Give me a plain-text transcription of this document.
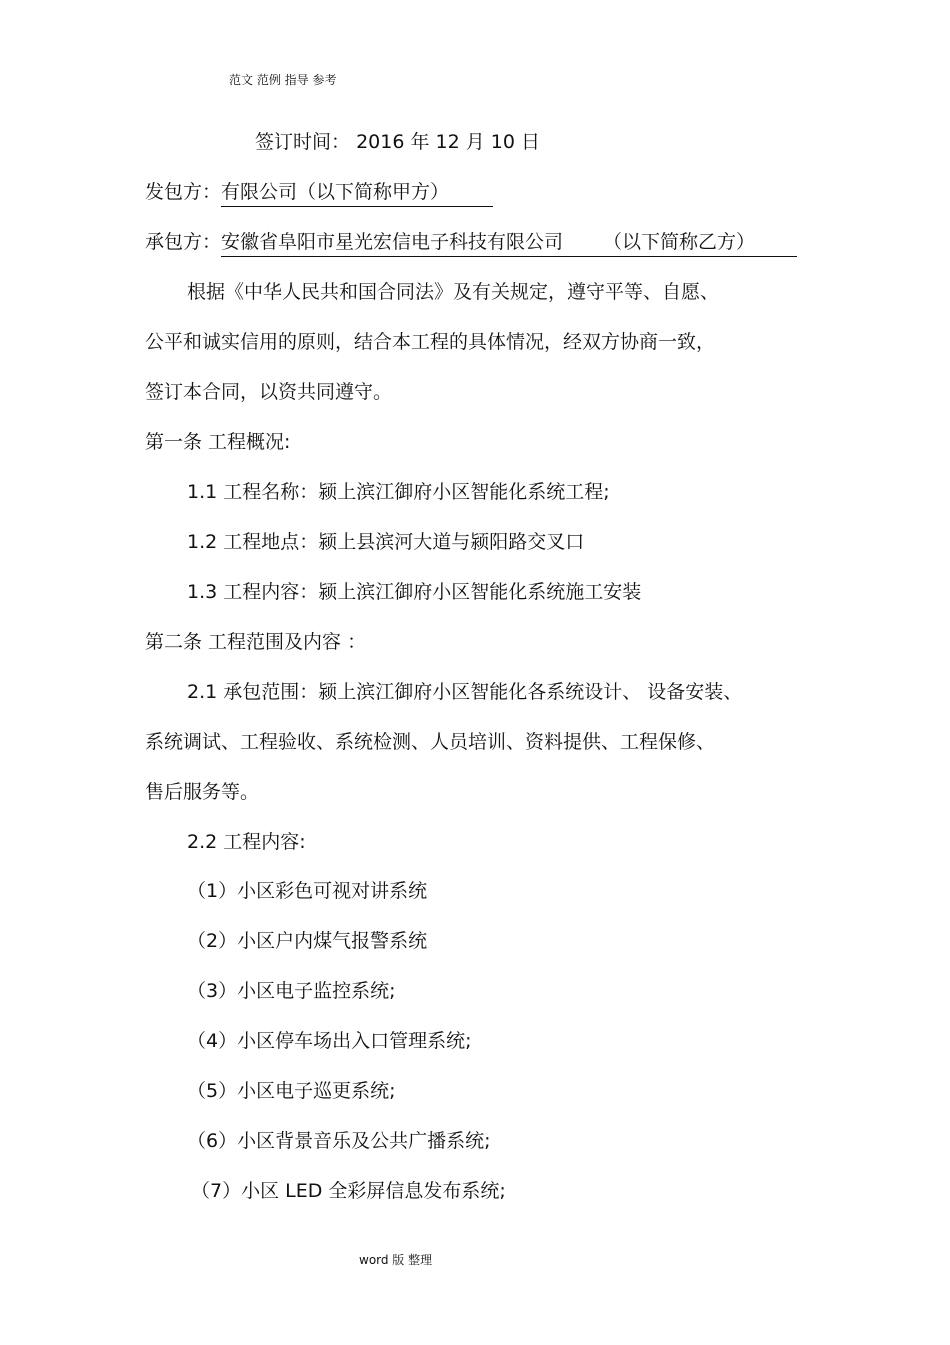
范文 范例 指导 参考
签订时间： 2016 年 12 月 10 日
发包方：有限公司（以下简称甲方）
承包方：安徽省阜阳市星光宏信电子科技有限公司 （以下简称乙方）
根据《中华人民共和国合同法》及有关规定，遵守平等、自愿、
公平和诚实信用的原则，结合本工程的具体情况，经双方协商一致，
签订本合同，以资共同遵守。
第一条 工程概况:
1.1 工程名称：颍上滨江御府小区智能化系统工程;
1.2 工程地点：颍上县滨河大道与颍阳路交叉口
1.3 工程内容：颍上滨江御府小区智能化系统施工安装
第二条 工程范围及内容 ：
2.1 承包范围：颍上滨江御府小区智能化各系统设计、 设备安装、
系统调试、工程验收、系统检测、人员培训、资料提供、工程保修、
售后服务等。
2.2 工程内容:
（1）小区彩色可视对讲系统
（2）小区户内煤气报警系统
（3）小区电子监控系统;
（4）小区停车场出入口管理系统;
（5）小区电子巡更系统;
（6）小区背景音乐及公共广播系统;
（7）小区 LED 全彩屏信息发布系统;
word 版 整理
